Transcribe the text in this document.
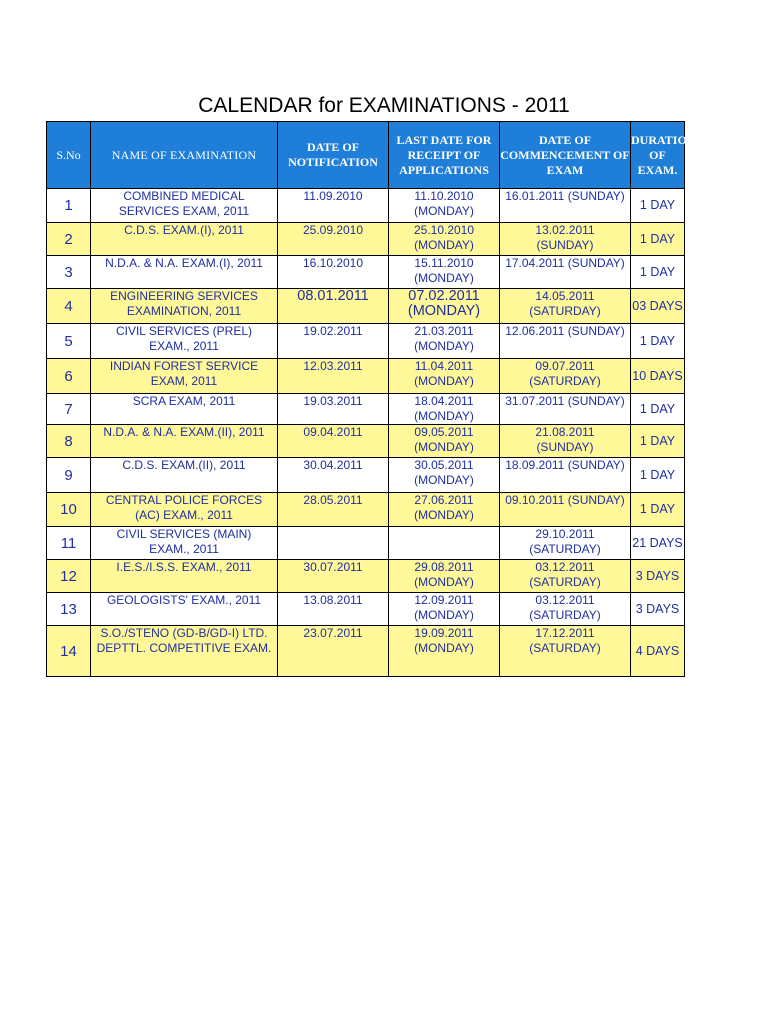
CALENDAR for EXAMINATIONS - 2011
S.No	NAME OF EXAMINATION	DATE OF NOTIFICATION	LAST DATE FOR RECEIPT OF APPLICATIONS	DATE OF COMMENCEMENT OF EXAM	DURATION OF EXAM.
1	COMBINED MEDICAL
SERVICES EXAM, 2011	11.09.2010	11.10.2010
(MONDAY)	16.01.2011 (SUNDAY)	1 DAY
2	C.D.S. EXAM.(I), 2011	25.09.2010	25.10.2010
(MONDAY)	13.02.2011
(SUNDAY)	1 DAY
3	N.D.A. & N.A. EXAM.(I), 2011	16.10.2010	15.11.2010
(MONDAY)	17.04.2011 (SUNDAY)	1 DAY
4	ENGINEERING SERVICES
EXAMINATION, 2011	08.01.2011	07.02.2011
(MONDAY)	14.05.2011
(SATURDAY)	03 DAYS
5	CIVIL SERVICES (PREL)
EXAM., 2011	19.02.2011	21.03.2011
(MONDAY)	12.06.2011 (SUNDAY)	1 DAY
6	INDIAN FOREST SERVICE
EXAM, 2011	12.03.2011	11.04.2011
(MONDAY)	09.07.2011
(SATURDAY)	10 DAYS
7	SCRA EXAM, 2011	19.03.2011	18.04.2011
(MONDAY)	31.07.2011 (SUNDAY)	1 DAY
8	N.D.A. & N.A. EXAM.(II), 2011	09.04.2011	09.05.2011
(MONDAY)	21.08.2011
(SUNDAY)	1 DAY
9	C.D.S. EXAM.(II), 2011	30.04.2011	30.05.2011
(MONDAY)	18.09.2011 (SUNDAY)	1 DAY
10	CENTRAL POLICE FORCES
(AC) EXAM., 2011	28.05.2011	27.06.2011
(MONDAY)	09.10.2011 (SUNDAY)	1 DAY
11	CIVIL SERVICES (MAIN)
EXAM., 2011			29.10.2011
(SATURDAY)	21 DAYS
12	I.E.S./I.S.S. EXAM., 2011	30.07.2011	29.08.2011
(MONDAY)	03.12.2011
(SATURDAY)	3 DAYS
13	GEOLOGISTS' EXAM., 2011	13.08.2011	12.09.2011
(MONDAY)	03.12.2011
(SATURDAY)	3 DAYS
14	S.O./STENO (GD-B/GD-I) LTD.
DEPTTL. COMPETITIVE EXAM.	23.07.2011	19.09.2011
(MONDAY)	17.12.2011
(SATURDAY)	4 DAYS
